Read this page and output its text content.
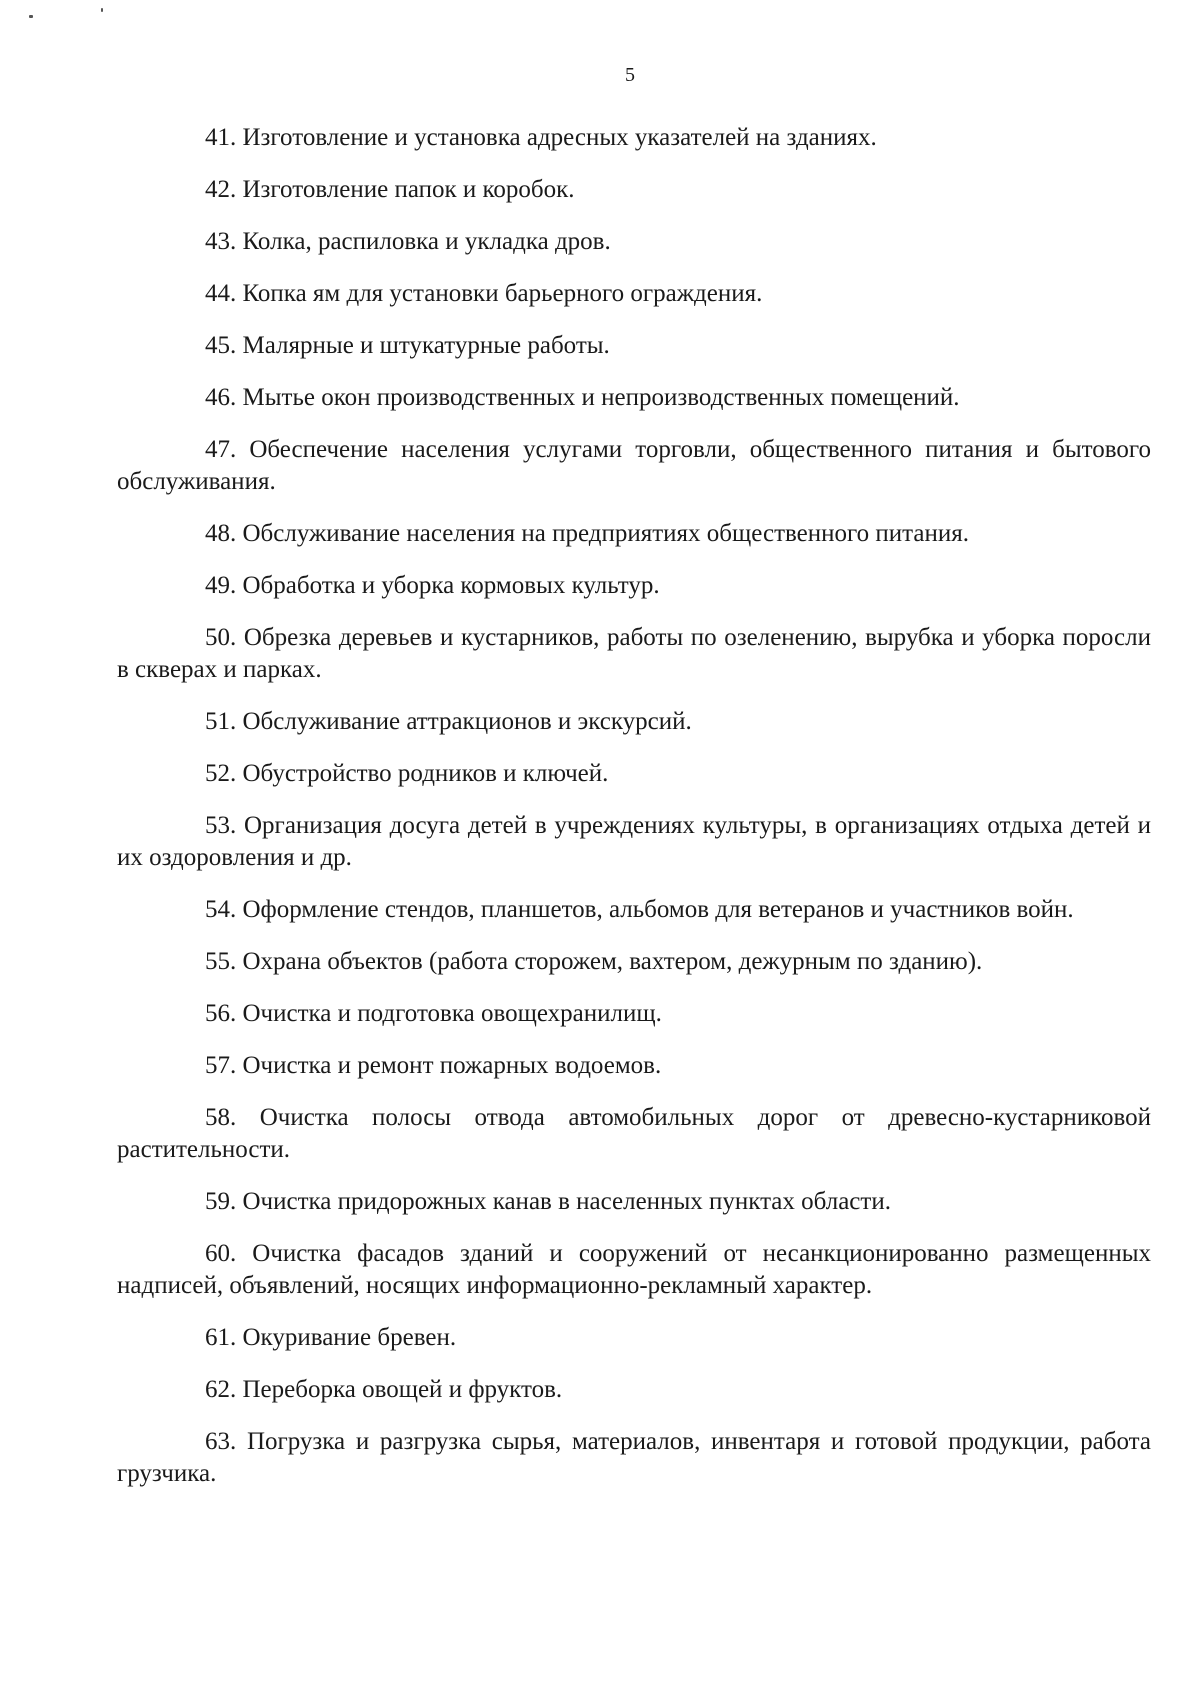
5

41. Изготовление и установка адресных указателей на зданиях.

42. Изготовление папок и коробок.

43. Колка, распиловка и укладка дров.

44. Копка ям для установки барьерного ограждения.

45. Малярные и штукатурные работы.

46. Мытье окон производственных и непроизводственных помещений.

47. Обеспечение населения услугами торговли, общественного питания и бытового обслуживания.

48. Обслуживание населения на предприятиях общественного питания.

49. Обработка и уборка кормовых культур.

50. Обрезка деревьев и кустарников, работы по озеленению, вырубка и уборка поросли в скверах и парках.

51. Обслуживание аттракционов и экскурсий.

52. Обустройство родников и ключей.

53. Организация досуга детей в учреждениях культуры, в организациях отдыха детей и их оздоровления и др.

54. Оформление стендов, планшетов, альбомов для ветеранов и участников войн.

55. Охрана объектов (работа сторожем, вахтером, дежурным по зданию).

56. Очистка и подготовка овощехранилищ.

57. Очистка и ремонт пожарных водоемов.

58. Очистка полосы отвода автомобильных дорог от древесно-кустарниковой растительности.

59. Очистка придорожных канав в населенных пунктах области.

60. Очистка фасадов зданий и сооружений от несанкционированно размещенных надписей, объявлений, носящих информационно-рекламный характер.

61. Окуривание бревен.

62. Переборка овощей и фруктов.

63. Погрузка и разгрузка сырья, материалов, инвентаря и готовой продукции, работа грузчика.
